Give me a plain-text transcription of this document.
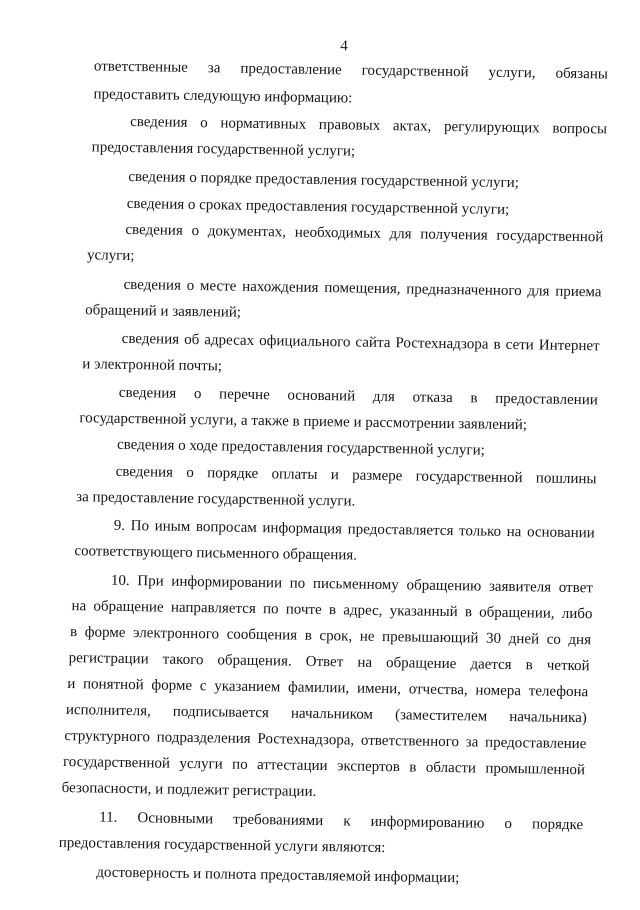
4
ответственные за предоставление государственной услуги, обязаны
предоставить следующую информацию:
сведения о нормативных правовых актах, регулирующих вопросы
предоставления государственной услуги;
сведения о порядке предоставления государственной услуги;
сведения о сроках предоставления государственной услуги;
сведения о документах, необходимых для получения государственной
услуги;
сведения о месте нахождения помещения, предназначенного для приема
обращений и заявлений;
сведения об адресах официального сайта Ростехнадзора в сети Интернет
и электронной почты;
сведения о перечне оснований для отказа в предоставлении
государственной услуги, а также в приеме и рассмотрении заявлений;
сведения о ходе предоставления государственной услуги;
сведения о порядке оплаты и размере государственной пошлины
за предоставление государственной услуги.
9. По иным вопросам информация предоставляется только на основании
соответствующего письменного обращения.
10. При информировании по письменному обращению заявителя ответ
на обращение направляется по почте в адрес, указанный в обращении, либо
в форме электронного сообщения в срок, не превышающий 30 дней со дня
регистрации такого обращения. Ответ на обращение дается в четкой
и понятной форме с указанием фамилии, имени, отчества, номера телефона
исполнителя, подписывается начальником (заместителем начальника)
структурного подразделения Ростехнадзора, ответственного за предоставление
государственной услуги по аттестации экспертов в области промышленной
безопасности, и подлежит регистрации.
11. Основными требованиями к информированию о порядке
предоставления государственной услуги являются:
достоверность и полнота предоставляемой информации;
